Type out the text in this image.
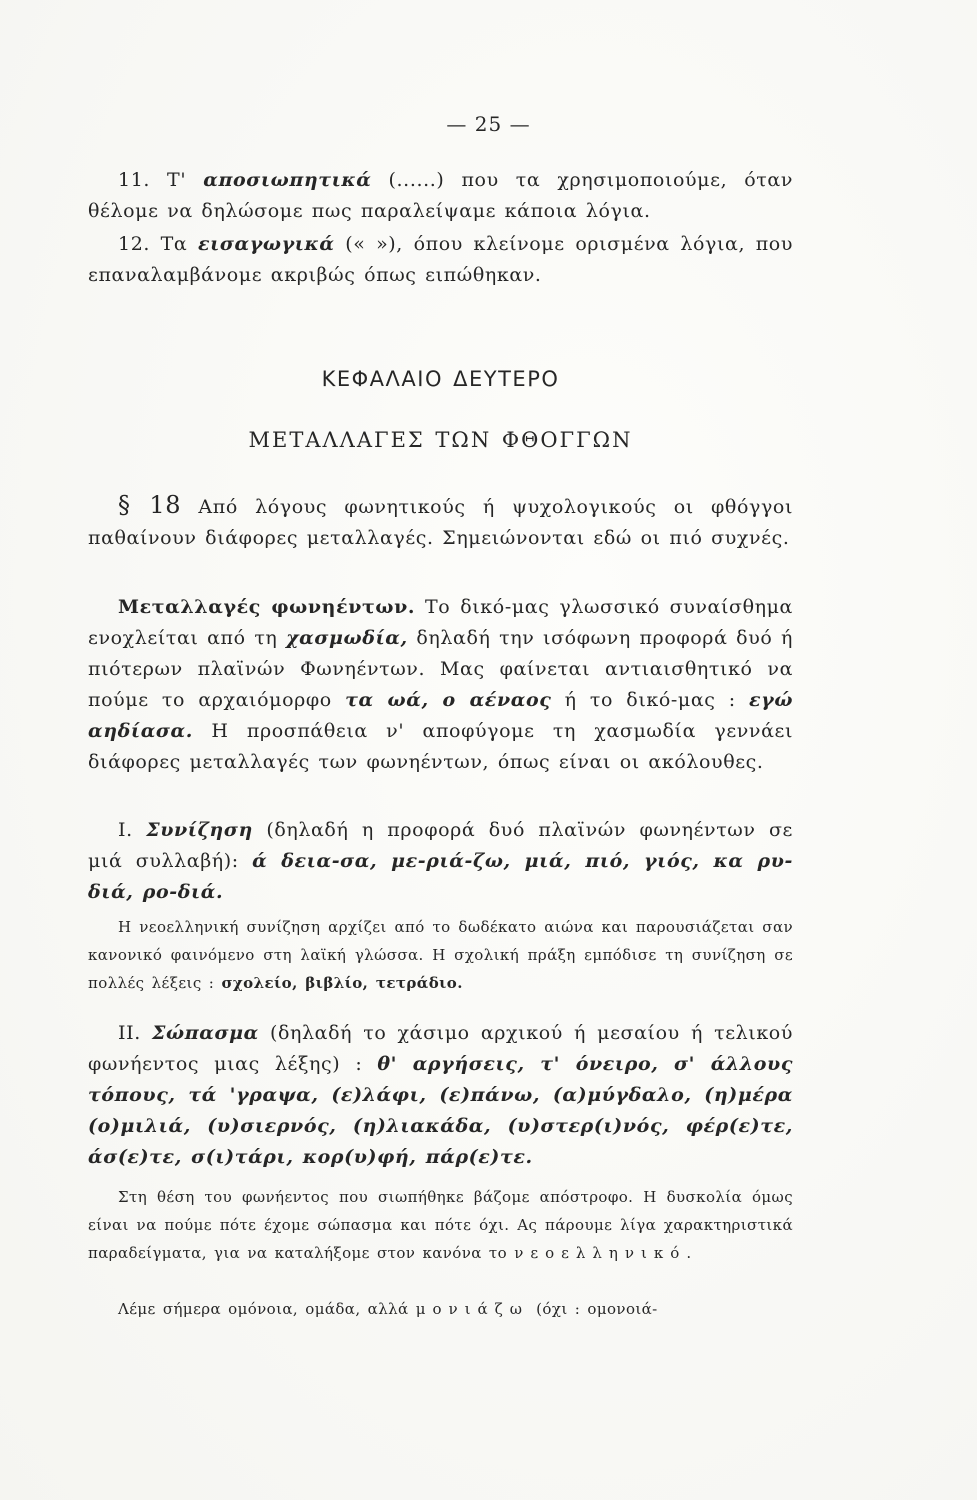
— 25 —

11. Τ' αποσιωπητικά (......) που τα χρησιμοποιούμε, όταν θέλομε να δηλώσομε πως παραλείψαμε κάποια λόγια.

12. Τα εισαγωγικά (« »), όπου κλείνομε ορισμένα λόγια, που επαναλαμβάνομε ακριβώς όπως ειπώθηκαν.

ΚΕΦΑΛΑΙΟ ΔΕΥΤΕΡΟ
ΜΕΤΑΛΛΑΓΕΣ ΤΩΝ ΦΘΟΓΓΩΝ

§ 18 Από λόγους φωνητικούς ή ψυχολογικούς οι φθόγγοι παθαίνουν διάφορες μεταλλαγές. Σημειώνονται εδώ οι πιό συχνές.

Μεταλλαγές φωνηέντων. Το δικό-μας γλωσσικό συναίσθημα ενοχλείται από τη χασμωδία, δηλαδή την ισόφωνη προφορά δυό ή πιότερων πλαϊνών Φωνηέντων. Μας φαίνεται αντιαισθητικό να πούμε το αρχαιόμορφο τα ωά, ο αέναος ή το δικό-μας : εγώ αηδίασα. Η προσπάθεια ν' αποφύγομε τη χασμωδία γεννάει διάφορες μεταλλαγές των φωνηέντων, όπως είναι οι ακόλουθες.

Ι. Συνίζηση (δηλαδή η προφορά δυό πλαϊνών φωνηέντων σε μιά συλλαβή): ά δεια-σα, με-ριά-ζω, μιά, πιό, γιός, κα ρυ-διά, ρο-διά.

Η νεοελληνική συνίζηση αρχίζει από το δωδέκατο αιώνα και παρουσιάζεται σαν κανονικό φαινόμενο στη λαϊκή γλώσσα. Η σχολική πράξη εμπόδισε τη συνίζηση σε πολλές λέξεις : σχολείο, βιβλίο, τετράδιο.

ΙΙ. Σώπασμα (δηλαδή το χάσιμο αρχικού ή μεσαίου ή τελικού φωνήεντος μιας λέξης) : θ' αργήσεις, τ' όνειρο, σ' άλλους τόπους, τά 'γραψα, (ε)λάφι, (ε)πάνω, (α)μύγδαλο, (η)μέρα (ο)μιλιά, (υ)σιερνός, (η)λιακάδα, (υ)στερ(ι)νός, φέρ(ε)τε, άσ(ε)τε, σ(ι)τάρι, κορ(υ)φή, πάρ(ε)τε.

Στη θέση του φωνήεντος που σιωπήθηκε βάζομε απόστροφο. Η δυσκολία όμως είναι να πούμε πότε έχομε σώπασμα και πότε όχι. Ας πάρουμε λίγα χαρακτηριστικά παραδείγματα, για να καταλήξομε στον κανόνα το νεοελληνικό.

Λέμε σήμερα ομόνοια, ομάδα, αλλά μονιάζω (όχι : ομονοιά-
